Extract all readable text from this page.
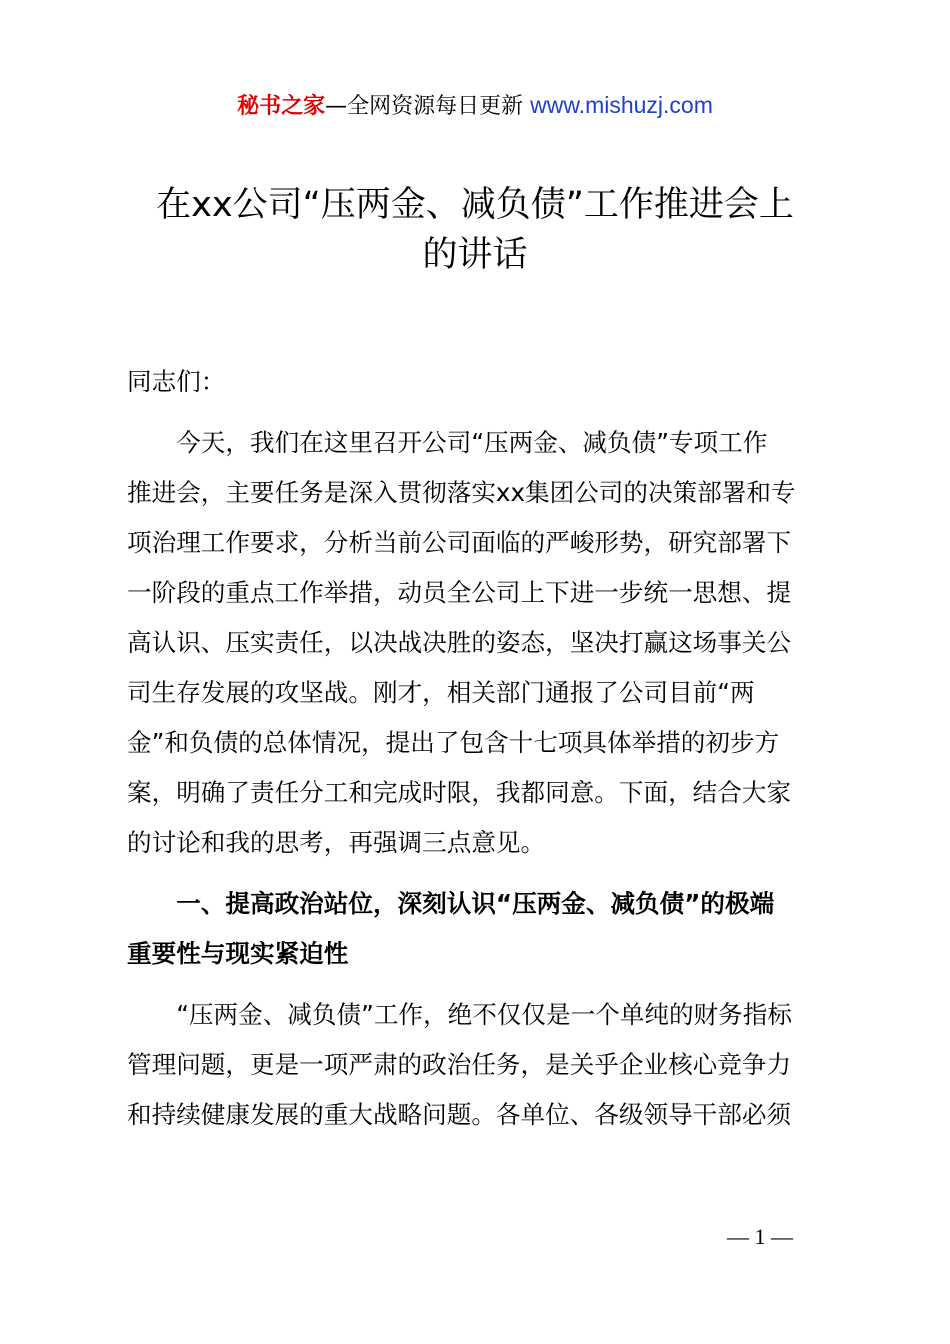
秘书之家—全网资源每日更新 www.mishuzj.com
在xx公司“压两金、减负债”工作推进会上
的讲话

同志们：

今天，我们在这里召开公司“压两金、减负债”专项工作
推进会，主要任务是深入贯彻落实xx集团公司的决策部署和专
项治理工作要求，分析当前公司面临的严峻形势，研究部署下
一阶段的重点工作举措，动员全公司上下进一步统一思想、提
高认识、压实责任，以决战决胜的姿态，坚决打赢这场事关公
司生存发展的攻坚战。刚才，相关部门通报了公司目前“两
金”和负债的总体情况，提出了包含十七项具体举措的初步方
案，明确了责任分工和完成时限，我都同意。下面，结合大家
的讨论和我的思考，再强调三点意见。

一、提高政治站位，深刻认识“压两金、减负债”的极端
重要性与现实紧迫性

“压两金、减负债”工作，绝不仅仅是一个单纯的财务指标
管理问题，更是一项严肃的政治任务，是关乎企业核心竞争力
和持续健康发展的重大战略问题。各单位、各级领导干部必须

— 1 —
